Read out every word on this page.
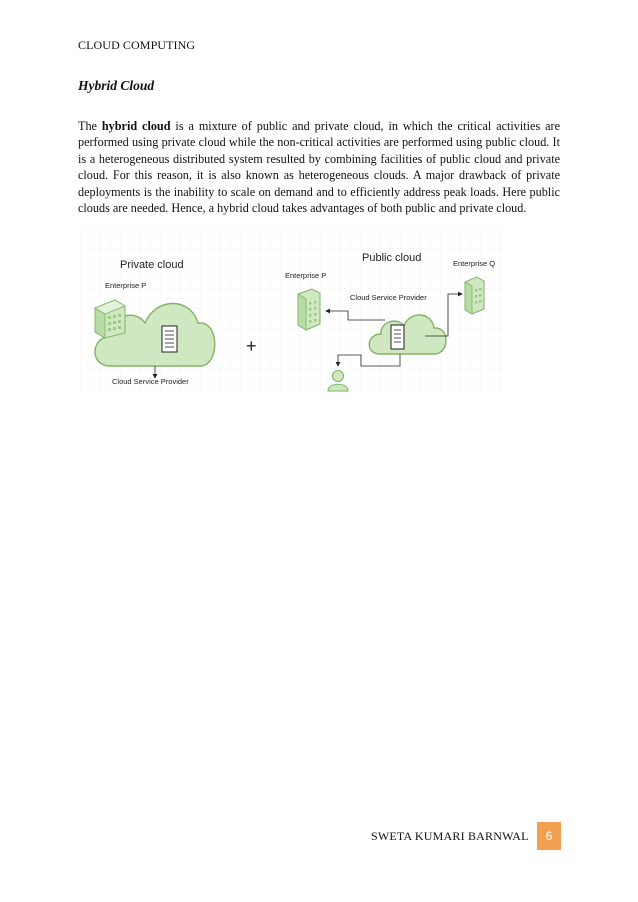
CLOUD COMPUTING
Hybrid Cloud
The hybrid cloud is a mixture of public and private cloud, in which the critical activities are performed using private cloud while the non-critical activities are performed using public cloud. It is a heterogeneous distributed system resulted by combining facilities of public cloud and private cloud. For this reason, it is also known as heterogeneous clouds. A major drawback of private deployments is the inability to scale on demand and to efficiently address peak loads. Here public clouds are needed. Hence, a hybrid cloud takes advantages of both public and private cloud.
Private cloud
Enterprise P
Cloud Service Provider
+
Public cloud
Enterprise P
Enterprise Q
Cloud Service Provider
SWETA KUMARI BARNWAL 6
